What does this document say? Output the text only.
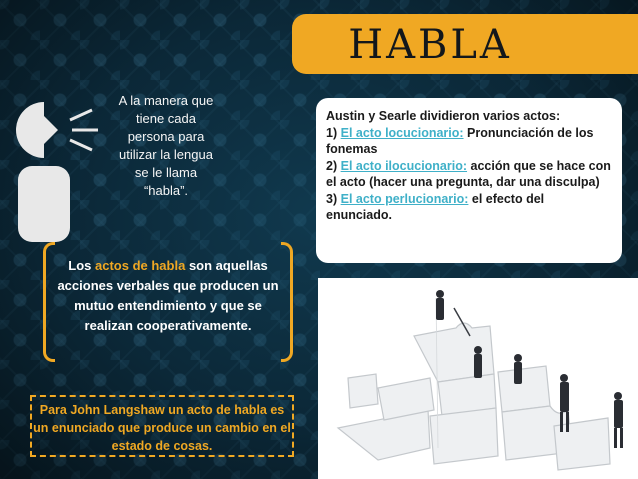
HABLA
A la manera que tiene cada persona para utilizar la lengua se le llama “habla”.
Austin y Searle dividieron varios actos:
1) El acto locucionario: Pronunciación de los fonemas
2) El acto ilocucionario: acción que se hace con el acto (hacer una pregunta, dar una disculpa)
3) El acto perlucionario: el efecto del enunciado.
Los actos de habla son aquellas acciones verbales que producen un mutuo entendimiento y que se realizan cooperativamente.
Para John Langshaw un acto de habla es un enunciado que produce un cambio en el estado de cosas.
